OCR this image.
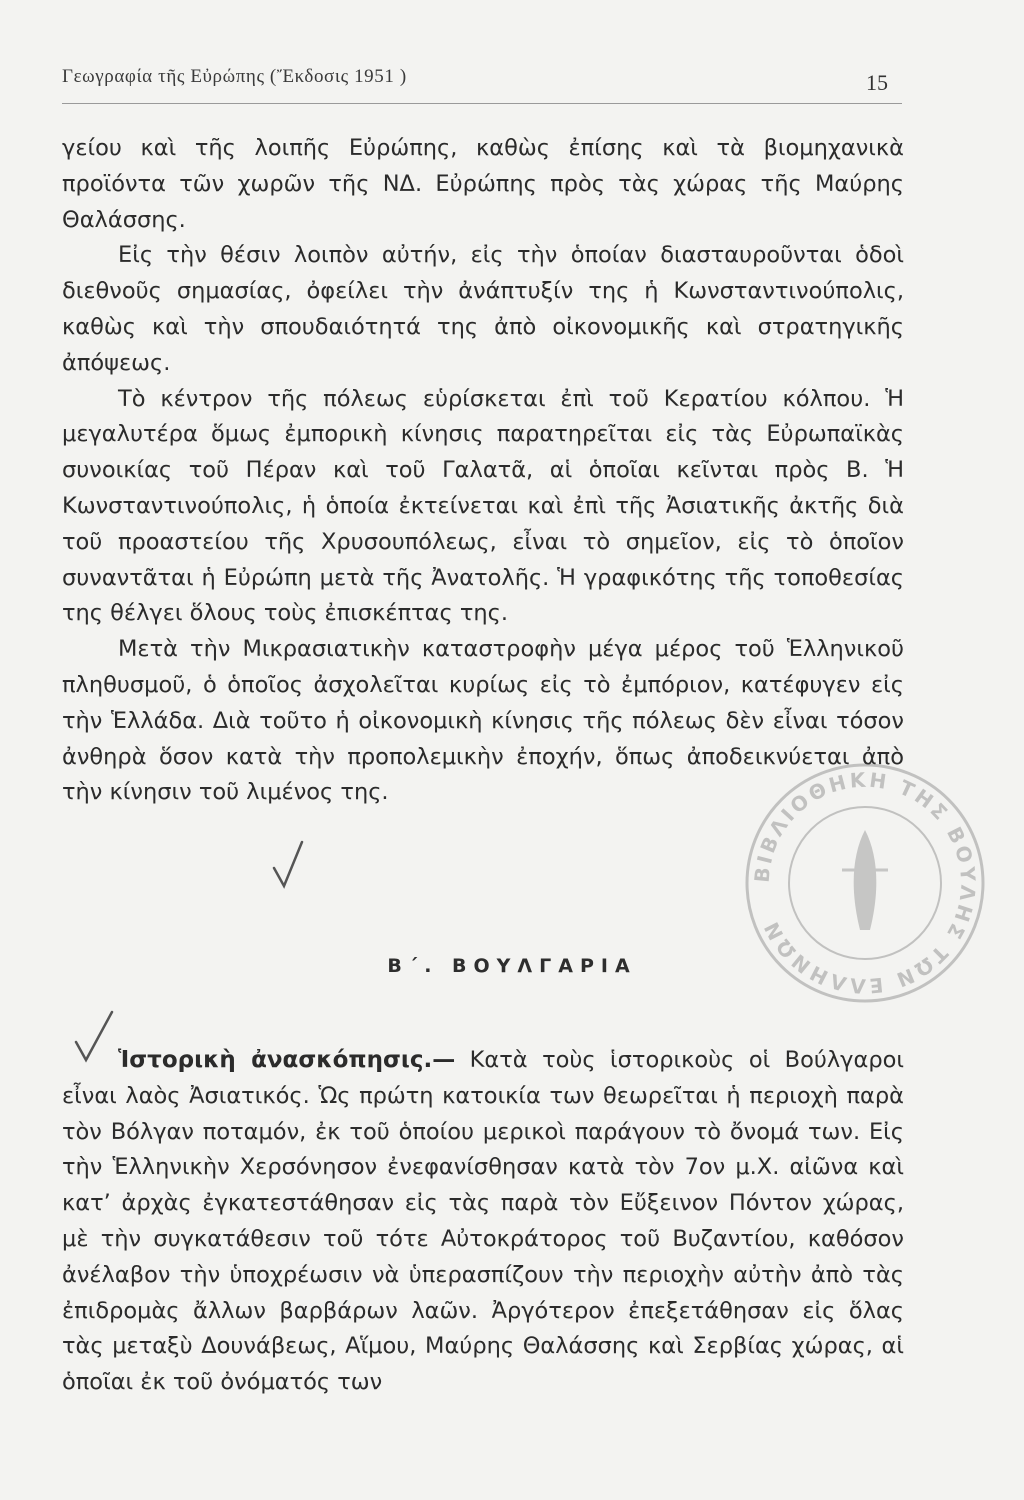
Γεωγραφία τῆς Εὐρώπης (Ἔκδοσις 1951 )	15

γείου καὶ τῆς λοιπῆς Εὐρώπης, καθὼς ἐπίσης καὶ τὰ βιομηχανικὰ προϊόντα τῶν χωρῶν τῆς ΝΔ. Εὐρώπης πρὸς τὰς χώρας τῆς Μαύρης Θαλάσσης.

Εἰς τὴν θέσιν λοιπὸν αὐτήν, εἰς τὴν ὁποίαν διασταυροῦνται ὁδοὶ διεθνοῦς σημασίας, ὀφείλει τὴν ἀνάπτυξίν της ἡ Κωνσταντινούπολις, καθὼς καὶ τὴν σπουδαιότητά της ἀπὸ οἰκονομικῆς καὶ στρατηγικῆς ἀπόψεως.

Τὸ κέντρον τῆς πόλεως εὑρίσκεται ἐπὶ τοῦ Κερατίου κόλπου. Ἡ μεγαλυτέρα ὅμως ἐμπορικὴ κίνησις παρατηρεῖται εἰς τὰς Εὐρωπαϊκὰς συνοικίας τοῦ Πέραν καὶ τοῦ Γαλατᾶ, αἱ ὁποῖαι κεῖνται πρὸς Β. Ἡ Κωνσταντινούπολις, ἡ ὁποία ἐκτείνεται καὶ ἐπὶ τῆς Ἀσιατικῆς ἀκτῆς διὰ τοῦ προαστείου τῆς Χρυσουπόλεως, εἶναι τὸ σημεῖον, εἰς τὸ ὁποῖον συναντᾶται ἡ Εὐρώπη μετὰ τῆς Ἀνατολῆς. Ἡ γραφικότης τῆς τοποθεσίας της θέλγει ὅλους τοὺς ἐπισκέπτας της.

Μετὰ τὴν Μικρασιατικὴν καταστροφὴν μέγα μέρος τοῦ Ἑλληνικοῦ πληθυσμοῦ, ὁ ὁποῖος ἀσχολεῖται κυρίως εἰς τὸ ἐμπόριον, κατέφυγεν εἰς τὴν Ἑλλάδα. Διὰ τοῦτο ἡ οἰκονομικὴ κίνησις τῆς πόλεως δὲν εἶναι τόσον ἀνθηρὰ ὅσον κατὰ τὴν προπολεμικὴν ἐποχήν, ὅπως ἀποδεικνύεται ἀπὸ τὴν κίνησιν τοῦ λιμένος της.

Β΄. ΒΟΥΛΓΑΡΙΑ

Ἱστορικὴ ἀνασκόπησις.— Κατὰ τοὺς ἱστορικοὺς οἱ Βούλγαροι εἶναι λαὸς Ἀσιατικός. Ὡς πρώτη κατοικία των θεωρεῖται ἡ περιοχὴ παρὰ τὸν Βόλγαν ποταμόν, ἐκ τοῦ ὁποίου μερικοὶ παράγουν τὸ ὄνομά των. Εἰς τὴν Ἑλληνικὴν Χερσόνησον ἐνεφανίσθησαν κατὰ τὸν 7ον μ.Χ. αἰῶνα καὶ κατ’ ἀρχὰς ἐγκατεστάθησαν εἰς τὰς παρὰ τὸν Εὔξεινον Πόντον χώρας, μὲ τὴν συγκατάθεσιν τοῦ τότε Αὐτοκράτορος τοῦ Βυζαντίου, καθόσον ἀνέλαβον τὴν ὑποχρέωσιν νὰ ὑπερασπίζουν τὴν περιοχὴν αὐτὴν ἀπὸ τὰς ἐπιδρομὰς ἄλλων βαρβάρων λαῶν. Ἀργότερον ἐπεξετάθησαν εἰς ὅλας τὰς μεταξὺ Δουνάβεως, Αἵμου, Μαύρης Θαλάσσης καὶ Σερβίας χώρας, αἱ ὁποῖαι ἐκ τοῦ ὀνόματός των

ΒΙΒΛΙΟΘΗΚΗ ΤΗΣ ΒΟΥΛΗΣ ΤΩΝ ΕΛΛΗΝΩΝ
